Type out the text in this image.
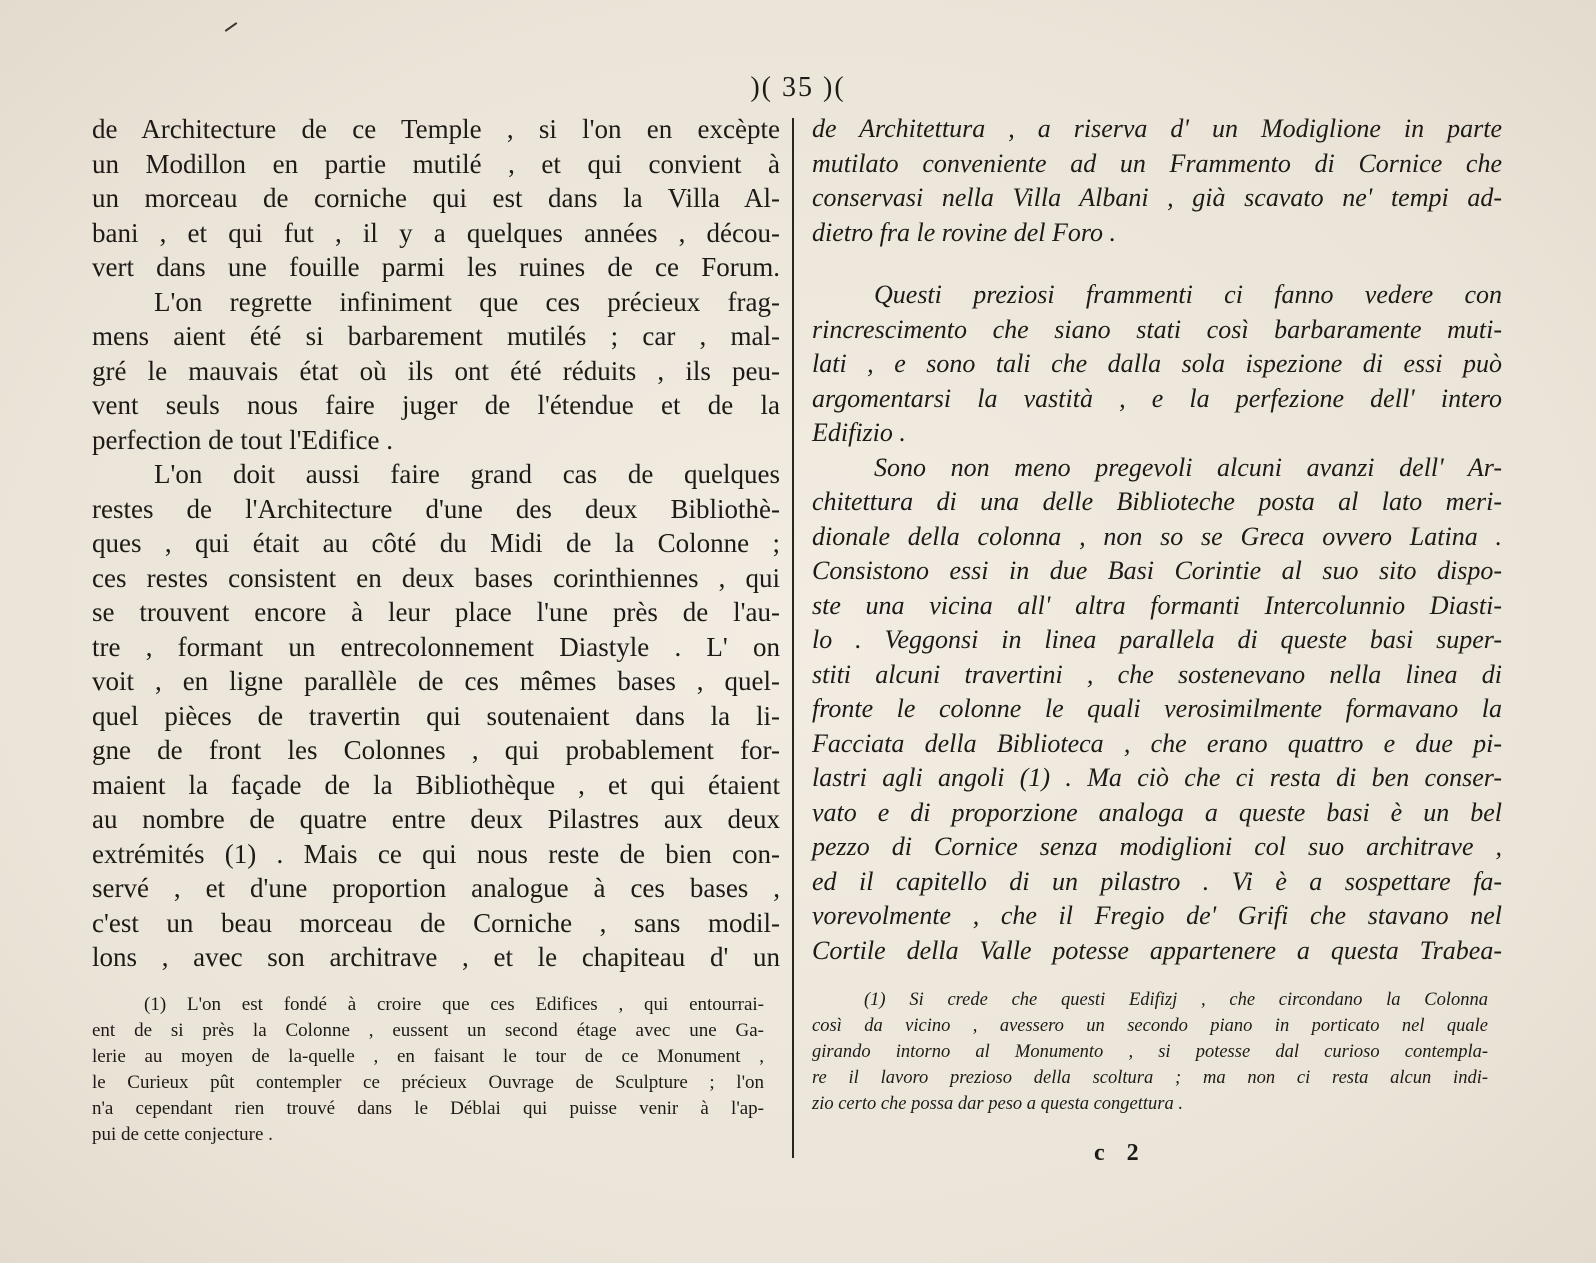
)( 35 )(
de Architecture de ce Temple , si l'on en excèpte
un Modillon en partie mutilé , et qui convient à
un morceau de corniche qui est dans la Villa Al-
bani , et qui fut , il y a quelques années , décou-
vert dans une fouille parmi les ruines de ce Forum.
L'on regrette infiniment que ces précieux frag-
mens aient été si barbarement mutilés ; car , mal-
gré le mauvais état où ils ont été réduits , ils peu-
vent seuls nous faire juger de l'étendue et de la
perfection de tout l'Edifice .
L'on doit aussi faire grand cas de quelques
restes de l'Architecture d'une des deux Bibliothè-
ques , qui était au côté du Midi de la Colonne ;
ces restes consistent en deux bases corinthiennes , qui
se trouvent encore à leur place l'une près de l'au-
tre , formant un entrecolonnement Diastyle . L' on
voit , en ligne parallèle de ces mêmes bases , quel-
quel pièces de travertin qui soutenaient dans la li-
gne de front les Colonnes , qui probablement for-
maient la façade de la Bibliothèque , et qui étaient
au nombre de quatre entre deux Pilastres aux deux
extrémités (1) . Mais ce qui nous reste de bien con-
servé , et d'une proportion analogue à ces bases ,
c'est un beau morceau de Corniche , sans modil-
lons , avec son architrave , et le chapiteau d' un
de Architettura , a riserva d' un Modiglione in parte
mutilato conveniente ad un Frammento di Cornice che
conservasi nella Villa Albani , già scavato ne' tempi ad-
dietro fra le rovine del Foro .
Questi preziosi frammenti ci fanno vedere con
rincrescimento che siano stati così barbaramente muti-
lati , e sono tali che dalla sola ispezione di essi può
argomentarsi la vastità , e la perfezione dell' intero
Edifizio .
Sono non meno pregevoli alcuni avanzi dell' Ar-
chitettura di una delle Biblioteche posta al lato meri-
dionale della colonna , non so se Greca ovvero Latina .
Consistono essi in due Basi Corintie al suo sito dispo-
ste una vicina all' altra formanti Intercolunnio Diasti-
lo . Veggonsi in linea parallela di queste basi super-
stiti alcuni travertini , che sostenevano nella linea di
fronte le colonne le quali verosimilmente formavano la
Facciata della Biblioteca , che erano quattro e due pi-
lastri agli angoli (1) . Ma ciò che ci resta di ben conser-
vato e di proporzione analoga a queste basi è un bel
pezzo di Cornice senza modiglioni col suo architrave ,
ed il capitello di un pilastro . Vi è a sospettare fa-
vorevolmente , che il Fregio de' Grifi che stavano nel
Cortile della Valle potesse appartenere a questa Trabea-
(1) L'on est fondé à croire que ces Edifices , qui entourrai-
ent de si près la Colonne , eussent un second étage avec une Ga-
lerie au moyen de la-quelle , en faisant le tour de ce Monument ,
le Curieux pût contempler ce précieux Ouvrage de Sculpture ; l'on
n'a cependant rien trouvé dans le Déblai qui puisse venir à l'ap-
pui de cette conjecture .
(1) Si crede che questi Edifizj , che circondano la Colonna
così da vicino , avessero un secondo piano in porticato nel quale
girando intorno al Monumento , si potesse dal curioso contempla-
re il lavoro prezioso della scoltura ; ma non ci resta alcun indi-
zio certo che possa dar peso a questa congettura .
c 2
